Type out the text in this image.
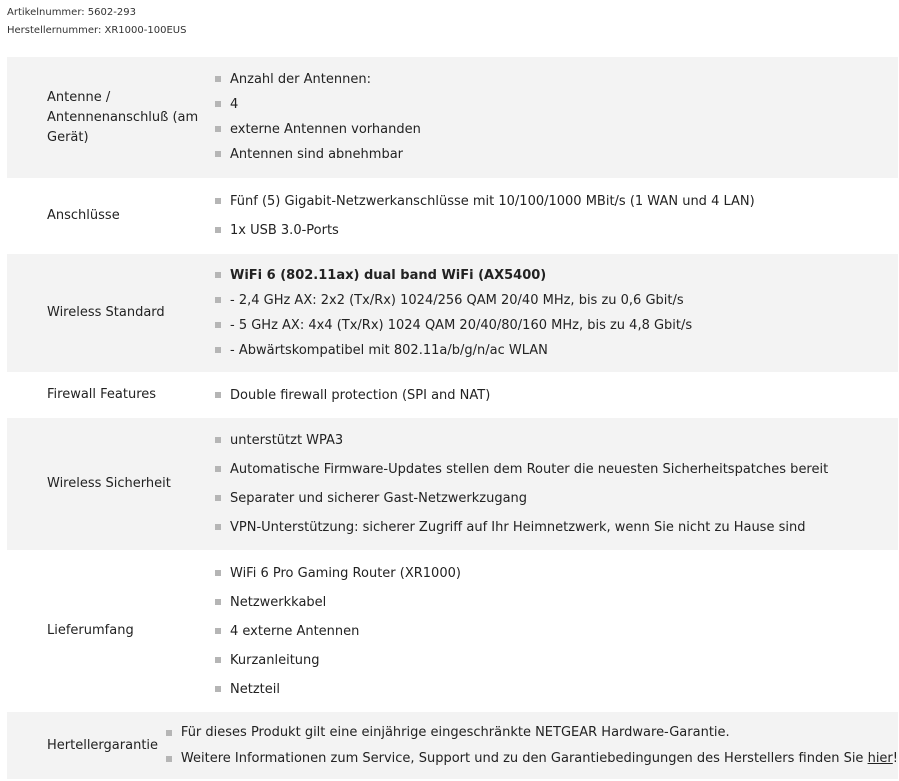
Artikelnummer: 5602-293
Herstellernummer: XR1000-100EUS
Antenne / Antennenanschluß (am Gerät)
Anzahl der Antennen:
4
externe Antennen vorhanden
Antennen sind abnehmbar
Anschlüsse
Fünf (5) Gigabit-Netzwerkanschlüsse mit 10/100/1000 MBit/s (1 WAN und 4 LAN)
1x USB 3.0-Ports
Wireless Standard
WiFi 6 (802.11ax) dual band WiFi (AX5400)
- 2,4 GHz AX: 2x2 (Tx/Rx) 1024/256 QAM 20/40 MHz, bis zu 0,6 Gbit/s
- 5 GHz AX: 4x4 (Tx/Rx) 1024 QAM 20/40/80/160 MHz, bis zu 4,8 Gbit/s
- Abwärtskompatibel mit 802.11a/b/g/n/ac WLAN
Firewall Features	Double firewall protection (SPI and NAT)
Wireless Sicherheit
unterstützt WPA3
Automatische Firmware-Updates stellen dem Router die neuesten Sicherheitspatches bereit
Separater und sicherer Gast-Netzwerkzugang
VPN-Unterstützung: sicherer Zugriff auf Ihr Heimnetzwerk, wenn Sie nicht zu Hause sind
Lieferumfang
WiFi 6 Pro Gaming Router (XR1000)
Netzwerkkabel
4 externe Antennen
Kurzanleitung
Netzteil
Hertellergarantie
Für dieses Produkt gilt eine einjährige eingeschränkte NETGEAR Hardware-Garantie.
Weitere Informationen zum Service, Support und zu den Garantiebedingungen des Herstellers finden Sie hier!
